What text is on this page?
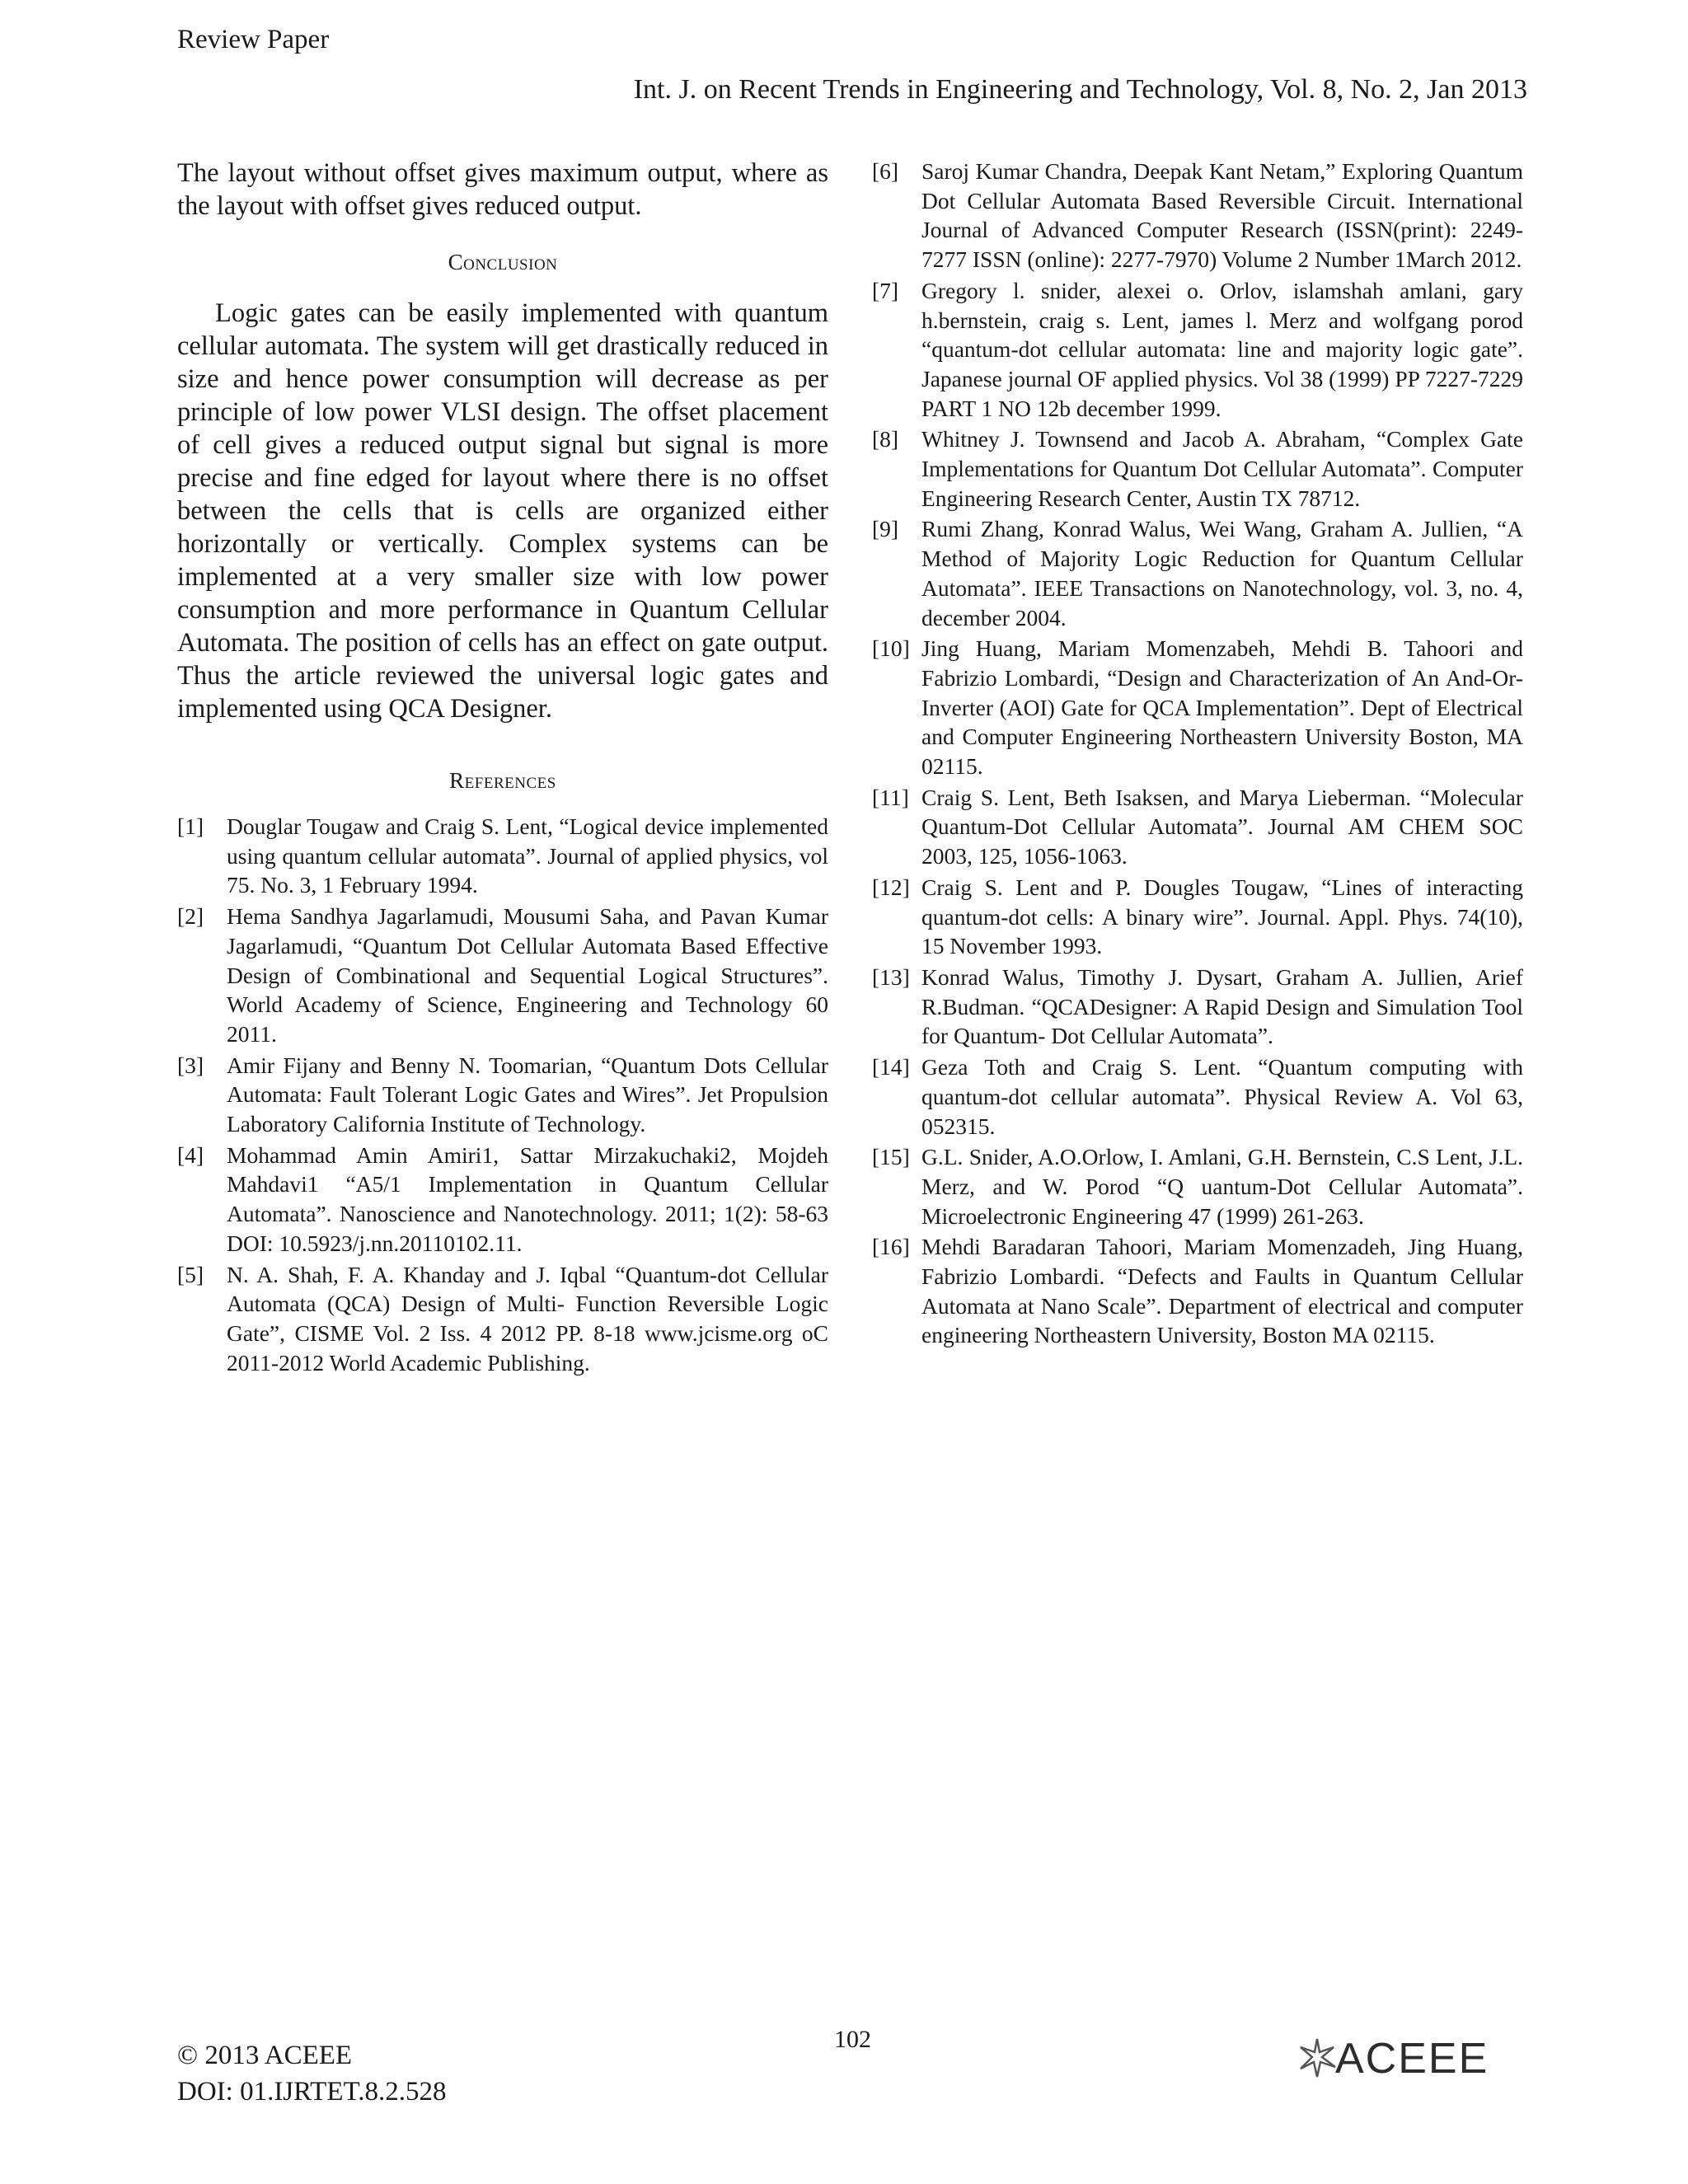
Review Paper
Int. J. on Recent Trends in Engineering and Technology, Vol. 8, No. 2, Jan 2013

The layout without offset gives maximum output, where as the layout with offset gives reduced output.

Conclusion

Logic gates can be easily implemented with quantum cellular automata. The system will get drastically reduced in size and hence power consumption will decrease as per principle of low power VLSI design. The offset placement of cell gives a reduced output signal but signal is more precise and fine edged for layout where there is no offset between the cells that is cells are organized either horizontally or vertically. Complex systems can be implemented at a very smaller size with low power consumption and more performance in Quantum Cellular Automata. The position of cells has an effect on gate output. Thus the article reviewed the universal logic gates and implemented using QCA Designer.

References

[1] Douglar Tougaw and Craig S. Lent, “Logical device implemented using quantum cellular automata”. Journal of applied physics, vol 75. No. 3, 1 February 1994.
[2] Hema Sandhya Jagarlamudi, Mousumi Saha, and Pavan Kumar Jagarlamudi, “Quantum Dot Cellular Automata Based Effective Design of Combinational and Sequential Logical Structures”. World Academy of Science, Engineering and Technology 60 2011.
[3] Amir Fijany and Benny N. Toomarian, “Quantum Dots Cellular Automata: Fault Tolerant Logic Gates and Wires”. Jet Propulsion Laboratory California Institute of Technology.
[4] Mohammad Amin Amiri1, Sattar Mirzakuchaki2, Mojdeh Mahdavi1 “A5/1 Implementation in Quantum Cellular Automata”. Nanoscience and Nanotechnology. 2011; 1(2): 58-63 DOI: 10.5923/j.nn.20110102.11.
[5] N. A. Shah, F. A. Khanday and J. Iqbal “Quantum-dot Cellular Automata (QCA) Design of Multi- Function Reversible Logic Gate”, CISME Vol. 2 Iss. 4 2012 PP. 8-18 www.jcisme.org oC 2011-2012 World Academic Publishing.
[6] Saroj Kumar Chandra, Deepak Kant Netam,” Exploring Quantum Dot Cellular Automata Based Reversible Circuit. International Journal of Advanced Computer Research (ISSN(print): 2249-7277 ISSN (online): 2277-7970) Volume 2 Number 1March 2012.
[7] Gregory l. snider, alexei o. Orlov, islamshah amlani, gary h.bernstein, craig s. Lent, james l. Merz and wolfgang porod “quantum-dot cellular automata: line and majority logic gate”. Japanese journal OF applied physics. Vol 38 (1999) PP 7227-7229 PART 1 NO 12b december 1999.
[8] Whitney J. Townsend and Jacob A. Abraham, “Complex Gate Implementations for Quantum Dot Cellular Automata”. Computer Engineering Research Center, Austin TX 78712.
[9] Rumi Zhang, Konrad Walus, Wei Wang, Graham A. Jullien, “A Method of Majority Logic Reduction for Quantum Cellular Automata”. IEEE Transactions on Nanotechnology, vol. 3, no. 4, december 2004.
[10] Jing Huang, Mariam Momenzabeh, Mehdi B. Tahoori and Fabrizio Lombardi, “Design and Characterization of An And-Or-Inverter (AOI) Gate for QCA Implementation”. Dept of Electrical and Computer Engineering Northeastern University Boston, MA 02115.
[11] Craig S. Lent, Beth Isaksen, and Marya Lieberman. “Molecular Quantum-Dot Cellular Automata”. Journal AM CHEM SOC 2003, 125, 1056-1063.
[12] Craig S. Lent and P. Dougles Tougaw, “Lines of interacting quantum-dot cells: A binary wire”. Journal. Appl. Phys. 74(10), 15 November 1993.
[13] Konrad Walus, Timothy J. Dysart, Graham A. Jullien, Arief R.Budman. “QCADesigner: A Rapid Design and Simulation Tool for Quantum- Dot Cellular Automata”.
[14] Geza Toth and Craig S. Lent. “Quantum computing with quantum-dot cellular automata”. Physical Review A. Vol 63, 052315.
[15] G.L. Snider, A.O.Orlow, I. Amlani, G.H. Bernstein, C.S Lent, J.L. Merz, and W. Porod “Q uantum-Dot Cellular Automata”. Microelectronic Engineering 47 (1999) 261-263.
[16] Mehdi Baradaran Tahoori, Mariam Momenzadeh, Jing Huang, Fabrizio Lombardi. “Defects and Faults in Quantum Cellular Automata at Nano Scale”. Department of electrical and computer engineering Northeastern University, Boston MA 02115.
© 2013 ACEEE
DOI: 01.IJRTET.8.2.528
102	ACEEE
